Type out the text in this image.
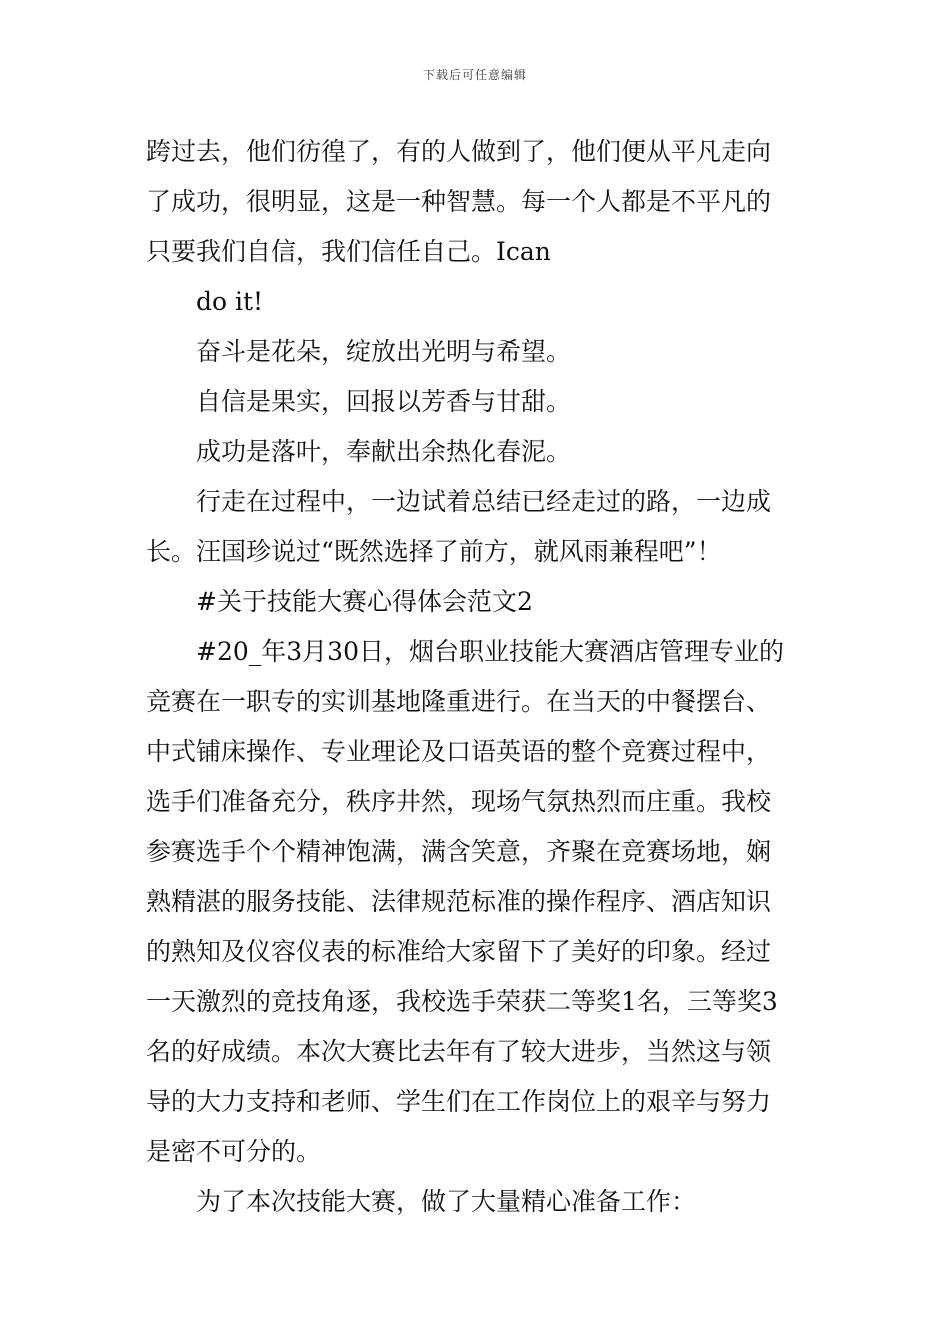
下载后可任意编辑
跨过去，他们彷徨了，有的人做到了，他们便从平凡走向
了成功，很明显，这是一种智慧。每一个人都是不平凡的
只要我们自信，我们信任自己。Ican
do it!
奋斗是花朵，绽放出光明与希望。
自信是果实，回报以芳香与甘甜。
成功是落叶，奉献出余热化春泥。
行走在过程中，一边试着总结已经走过的路，一边成
长。汪国珍说过“既然选择了前方，就风雨兼程吧”！
#关于技能大赛心得体会范文2
#20_年3月30日，烟台职业技能大赛酒店管理专业的
竞赛在一职专的实训基地隆重进行。在当天的中餐摆台、
中式铺床操作、专业理论及口语英语的整个竞赛过程中，
选手们准备充分，秩序井然，现场气氛热烈而庄重。我校
参赛选手个个精神饱满，满含笑意，齐聚在竞赛场地，娴
熟精湛的服务技能、法律规范标准的操作程序、酒店知识
的熟知及仪容仪表的标准给大家留下了美好的印象。经过
一天激烈的竞技角逐，我校选手荣获二等奖1名，三等奖3
名的好成绩。本次大赛比去年有了较大进步，当然这与领
导的大力支持和老师、学生们在工作岗位上的艰辛与努力
是密不可分的。
为了本次技能大赛，做了大量精心准备工作：
